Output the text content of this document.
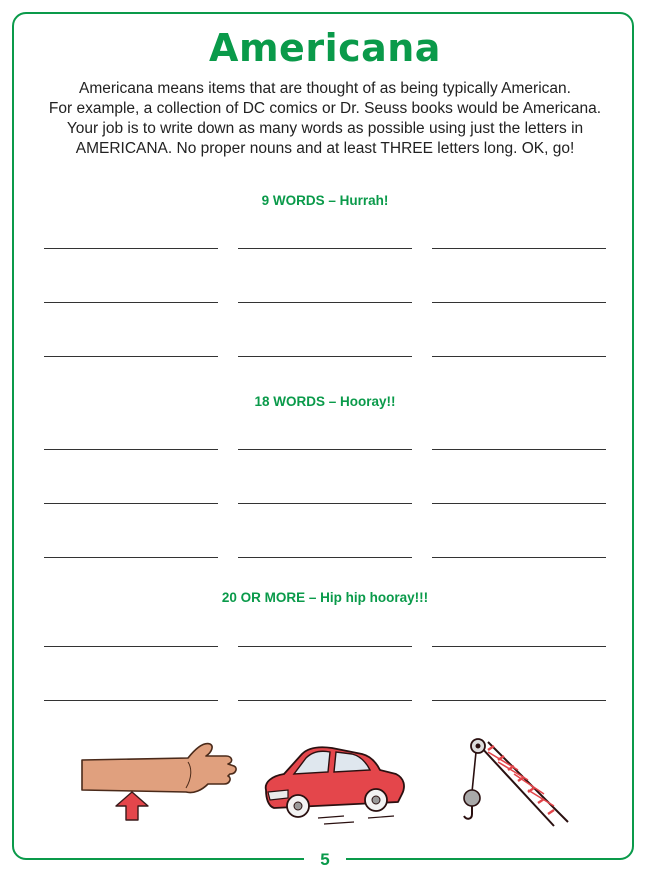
Americana
Americana means items that are thought of as being typically American.
For example, a collection of DC comics or Dr. Seuss books would be Americana.
Your job is to write down as many words as possible using just the letters in
AMERICANA. No proper nouns and at least THREE letters long. OK, go!
9 WORDS – Hurrah!
18 WORDS – Hooray!!
20 OR MORE – Hip hip hooray!!!
5
